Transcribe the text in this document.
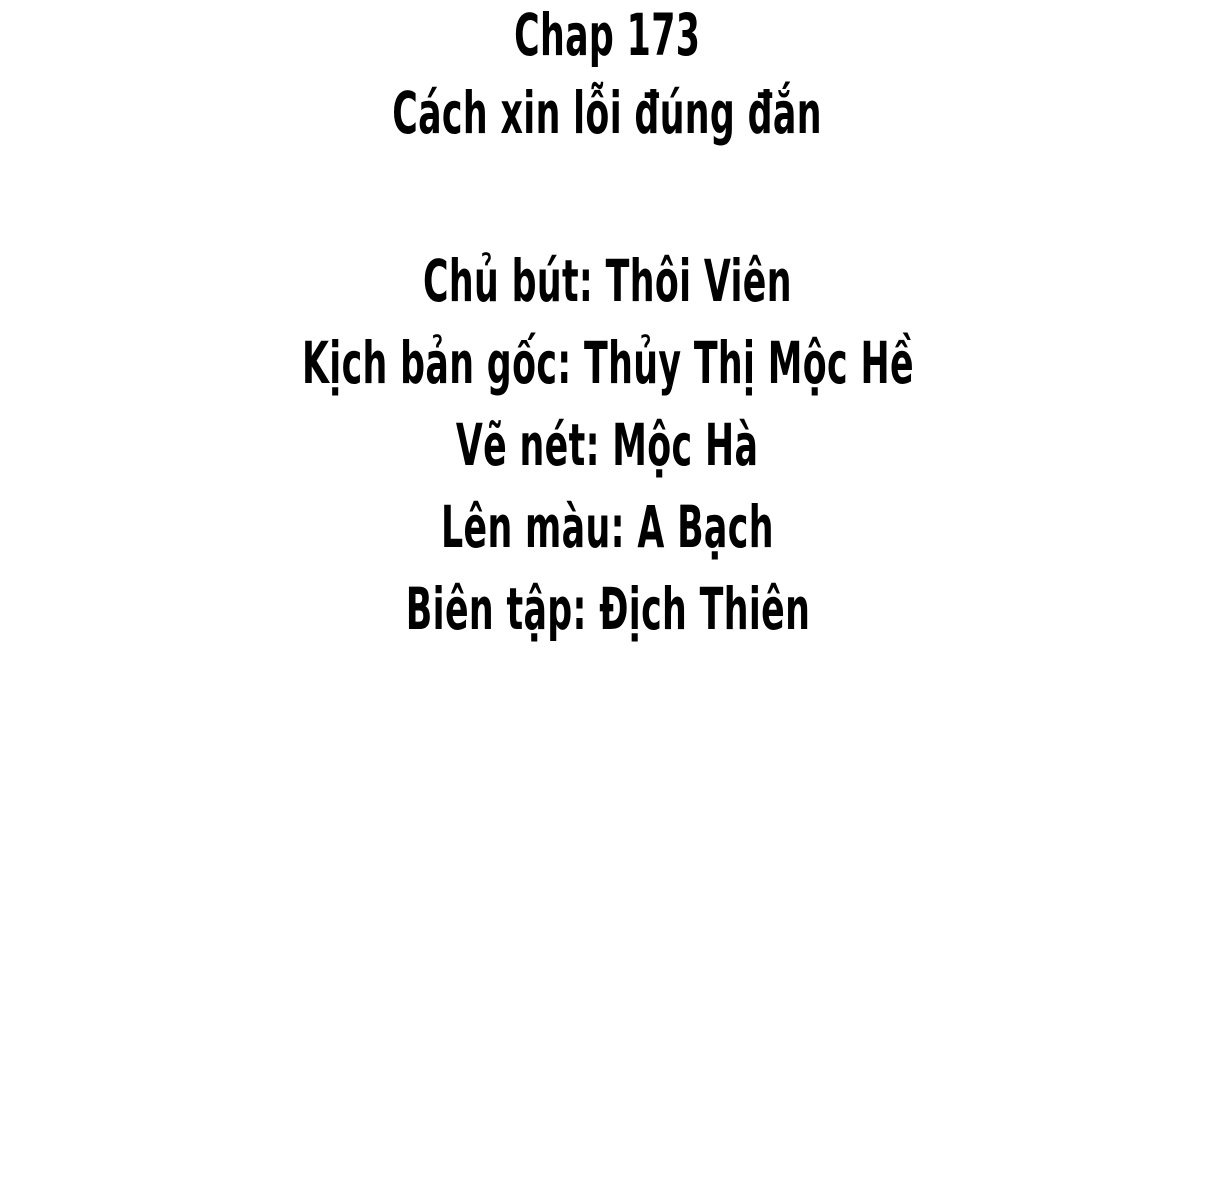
Chap 173
Cách xin lỗi đúng đắn
Chủ bút: Thôi Viên
Kịch bản gốc: Thủy Thị Mộc Hề
Vẽ nét: Mộc Hà
Lên màu: A Bạch
Biên tập: Địch Thiên
